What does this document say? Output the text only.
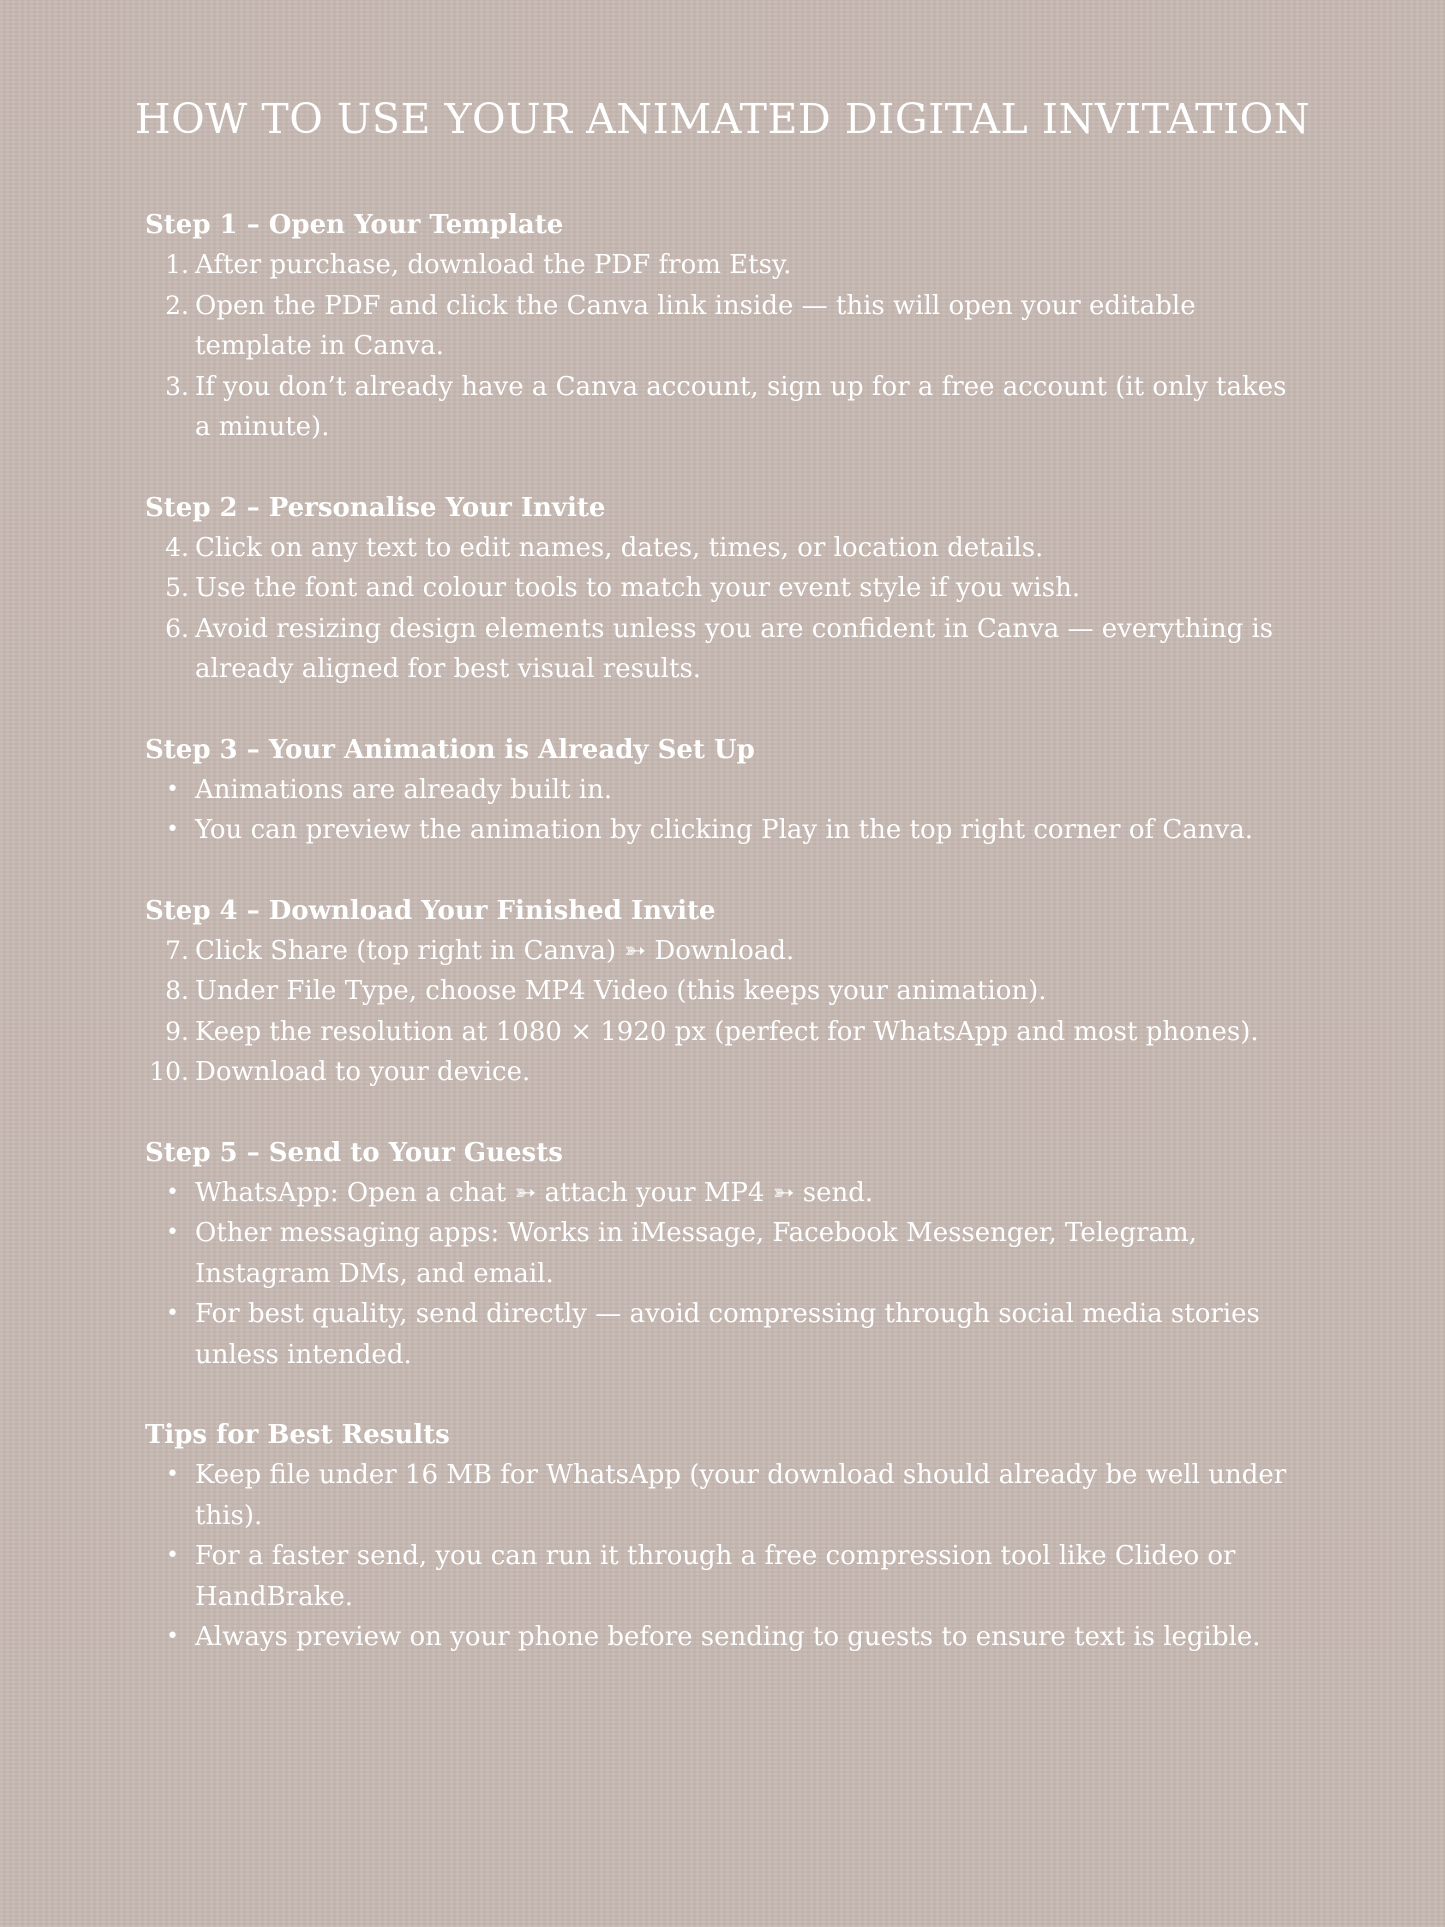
HOW TO USE YOUR ANIMATED DIGITAL INVITATION
Step 1 – Open Your Template
1. After purchase, download the PDF from Etsy.
2. Open the PDF and click the Canva link inside — this will open your editable template in Canva.
3. If you don’t already have a Canva account, sign up for a free account (it only takes a minute).
Step 2 – Personalise Your Invite
4. Click on any text to edit names, dates, times, or location details.
5. Use the font and colour tools to match your event style if you wish.
6. Avoid resizing design elements unless you are confident in Canva — everything is already aligned for best visual results.
Step 3 – Your Animation is Already Set Up
• Animations are already built in.
• You can preview the animation by clicking Play in the top right corner of Canva.
Step 4 – Download Your Finished Invite
7. Click Share (top right in Canva) ➳ Download.
8. Under File Type, choose MP4 Video (this keeps your animation).
9. Keep the resolution at 1080 × 1920 px (perfect for WhatsApp and most phones).
10. Download to your device.
Step 5 – Send to Your Guests
• WhatsApp: Open a chat ➳ attach your MP4 ➳ send.
• Other messaging apps: Works in iMessage, Facebook Messenger, Telegram, Instagram DMs, and email.
• For best quality, send directly — avoid compressing through social media stories unless intended.
Tips for Best Results
• Keep file under 16 MB for WhatsApp (your download should already be well under this).
• For a faster send, you can run it through a free compression tool like Clideo or HandBrake.
• Always preview on your phone before sending to guests to ensure text is legible.
